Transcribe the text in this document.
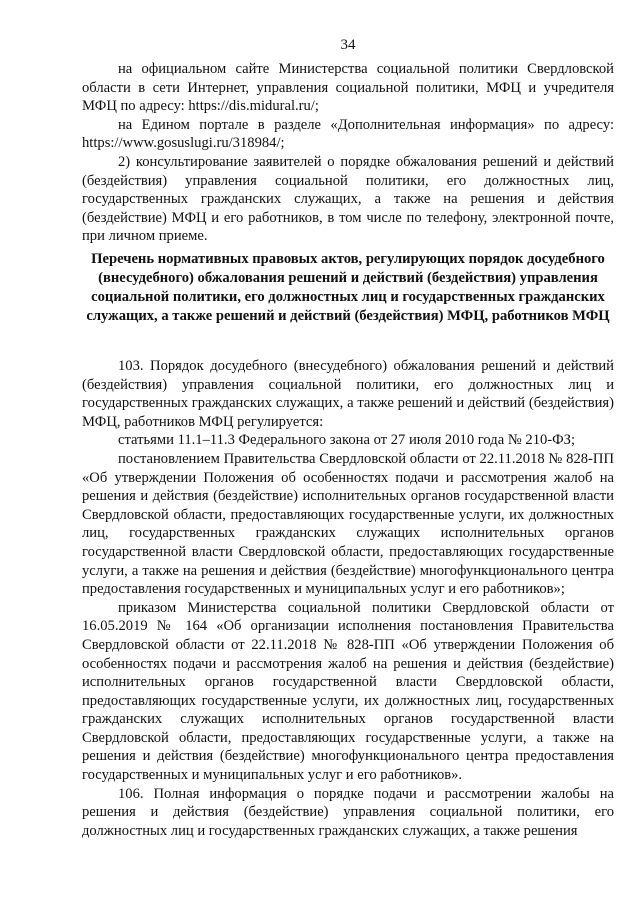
34

на официальном сайте Министерства социальной политики Свердловской области в сети Интернет, управления социальной политики, МФЦ и учредителя МФЦ по адресу: https://dis.midural.ru/;

на Едином портале в разделе «Дополнительная информация» по адресу: https://www.gosuslugi.ru/318984/;

2) консультирование заявителей о порядке обжалования решений и действий (бездействия) управления социальной политики, его должностных лиц, государственных гражданских служащих, а также на решения и действия (бездействие) МФЦ и его работников, в том числе по телефону, электронной почте, при личном приеме.

Перечень нормативных правовых актов, регулирующих порядок досудебного (внесудебного) обжалования решений и действий (бездействия) управления социальной политики, его должностных лиц и государственных гражданских служащих, а также решений и действий (бездействия) МФЦ, работников МФЦ

103. Порядок досудебного (внесудебного) обжалования решений и действий (бездействия) управления социальной политики, его должностных лиц и государственных гражданских служащих, а также решений и действий (бездействия) МФЦ, работников МФЦ регулируется:

статьями 11.1–11.3 Федерального закона от 27 июля 2010 года № 210-ФЗ;

постановлением Правительства Свердловской области от 22.11.2018 № 828-ПП «Об утверждении Положения об особенностях подачи и рассмотрения жалоб на решения и действия (бездействие) исполнительных органов государственной власти Свердловской области, предоставляющих государственные услуги, их должностных лиц, государственных гражданских служащих исполнительных органов государственной власти Свердловской области, предоставляющих государственные услуги, а также на решения и действия (бездействие) многофункционального центра предоставления государственных и муниципальных услуг и его работников»;

приказом Министерства социальной политики Свердловской области от 16.05.2019 № 164 «Об организации исполнения постановления Правительства Свердловской области от 22.11.2018 № 828-ПП «Об утверждении Положения об особенностях подачи и рассмотрения жалоб на решения и действия (бездействие) исполнительных органов государственной власти Свердловской области, предоставляющих государственные услуги, их должностных лиц, государственных гражданских служащих исполнительных органов государственной власти Свердловской области, предоставляющих государственные услуги, а также на решения и действия (бездействие) многофункционального центра предоставления государственных и муниципальных услуг и его работников».

106. Полная информация о порядке подачи и рассмотрении жалобы на решения и действия (бездействие) управления социальной политики, его должностных лиц и государственных гражданских служащих, а также решения
